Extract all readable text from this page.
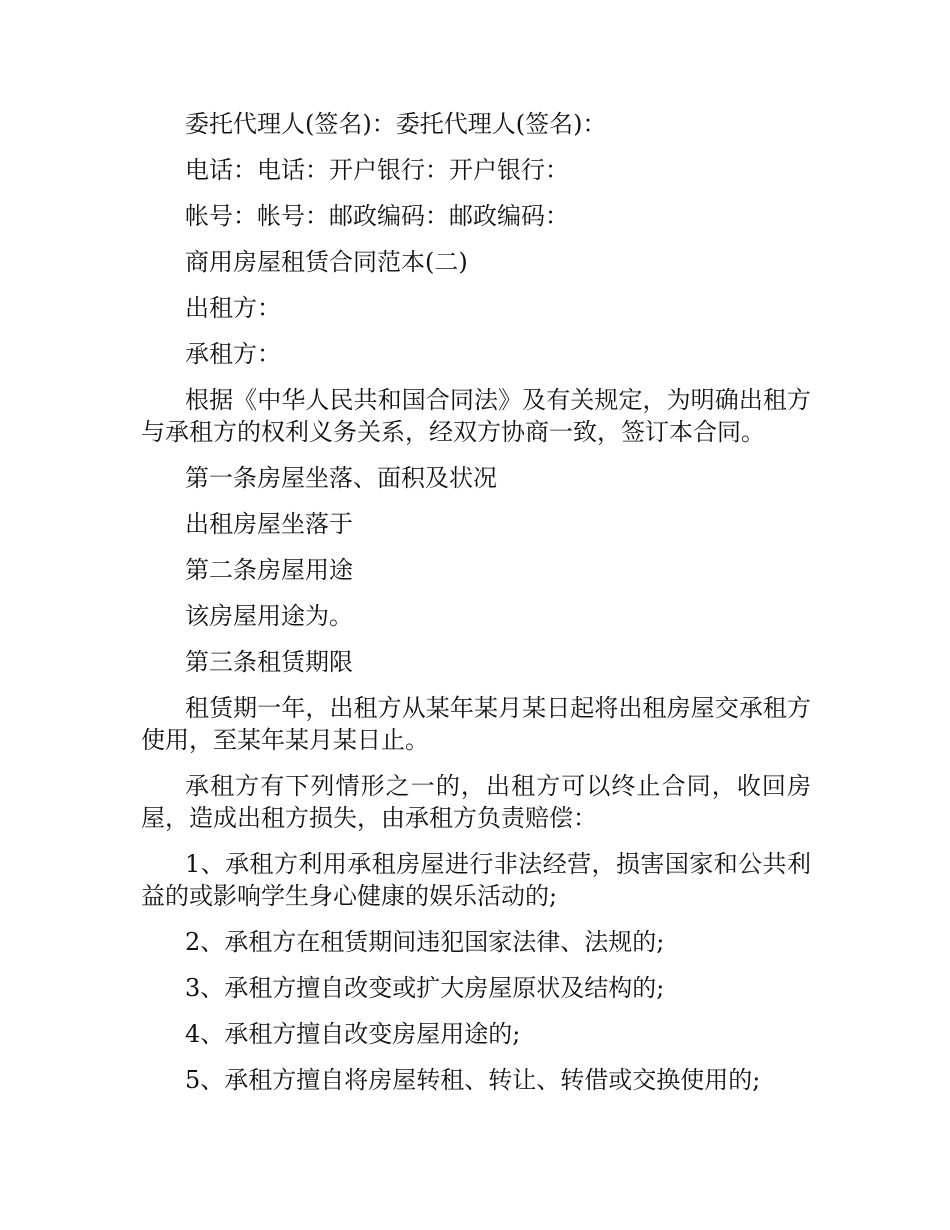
委托代理人(签名)：委托代理人(签名)：

电话：电话：开户银行：开户银行：

帐号：帐号：邮政编码：邮政编码：

商用房屋租赁合同范本(二)

出租方：

承租方：

根据《中华人民共和国合同法》及有关规定，为明确出租方与承租方的权利义务关系，经双方协商一致，签订本合同。

第一条房屋坐落、面积及状况

出租房屋坐落于

第二条房屋用途

该房屋用途为。

第三条租赁期限

租赁期一年，出租方从某年某月某日起将出租房屋交承租方使用，至某年某月某日止。

承租方有下列情形之一的，出租方可以终止合同，收回房屋，造成出租方损失，由承租方负责赔偿：

1、承租方利用承租房屋进行非法经营，损害国家和公共利益的或影响学生身心健康的娱乐活动的;

2、承租方在租赁期间违犯国家法律、法规的;

3、承租方擅自改变或扩大房屋原状及结构的;

4、承租方擅自改变房屋用途的;

5、承租方擅自将房屋转租、转让、转借或交换使用的;
